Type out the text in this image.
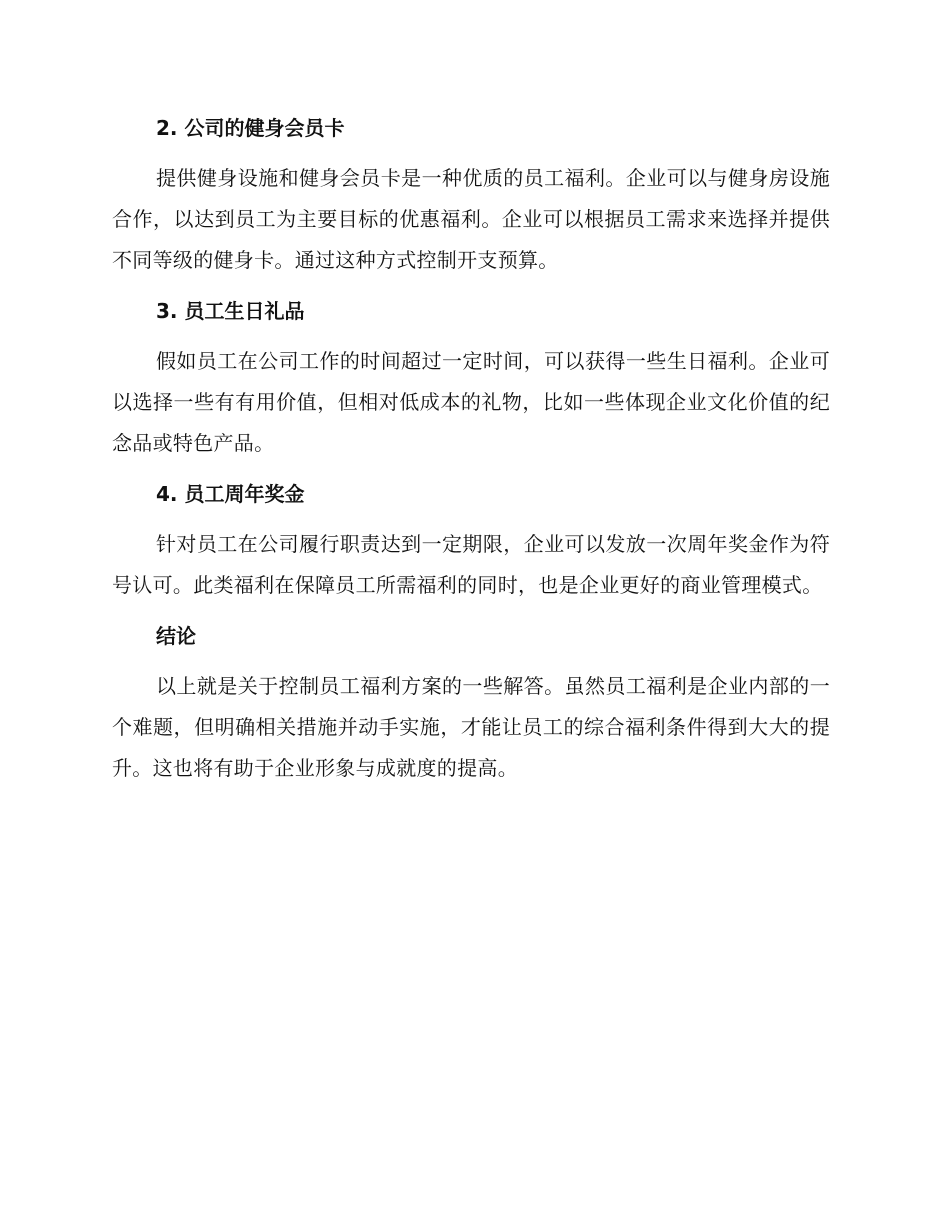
2. 公司的健身会员卡

提供健身设施和健身会员卡是一种优质的员工福利。企业可以与健身房设施合作，以达到员工为主要目标的优惠福利。企业可以根据员工需求来选择并提供不同等级的健身卡。通过这种方式控制开支预算。

3. 员工生日礼品

假如员工在公司工作的时间超过一定时间，可以获得一些生日福利。企业可以选择一些有有用价值，但相对低成本的礼物，比如一些体现企业文化价值的纪念品或特色产品。

4. 员工周年奖金

针对员工在公司履行职责达到一定期限，企业可以发放一次周年奖金作为符号认可。此类福利在保障员工所需福利的同时，也是企业更好的商业管理模式。

结论

以上就是关于控制员工福利方案的一些解答。虽然员工福利是企业内部的一个难题，但明确相关措施并动手实施，才能让员工的综合福利条件得到大大的提升。这也将有助于企业形象与成就度的提高。
